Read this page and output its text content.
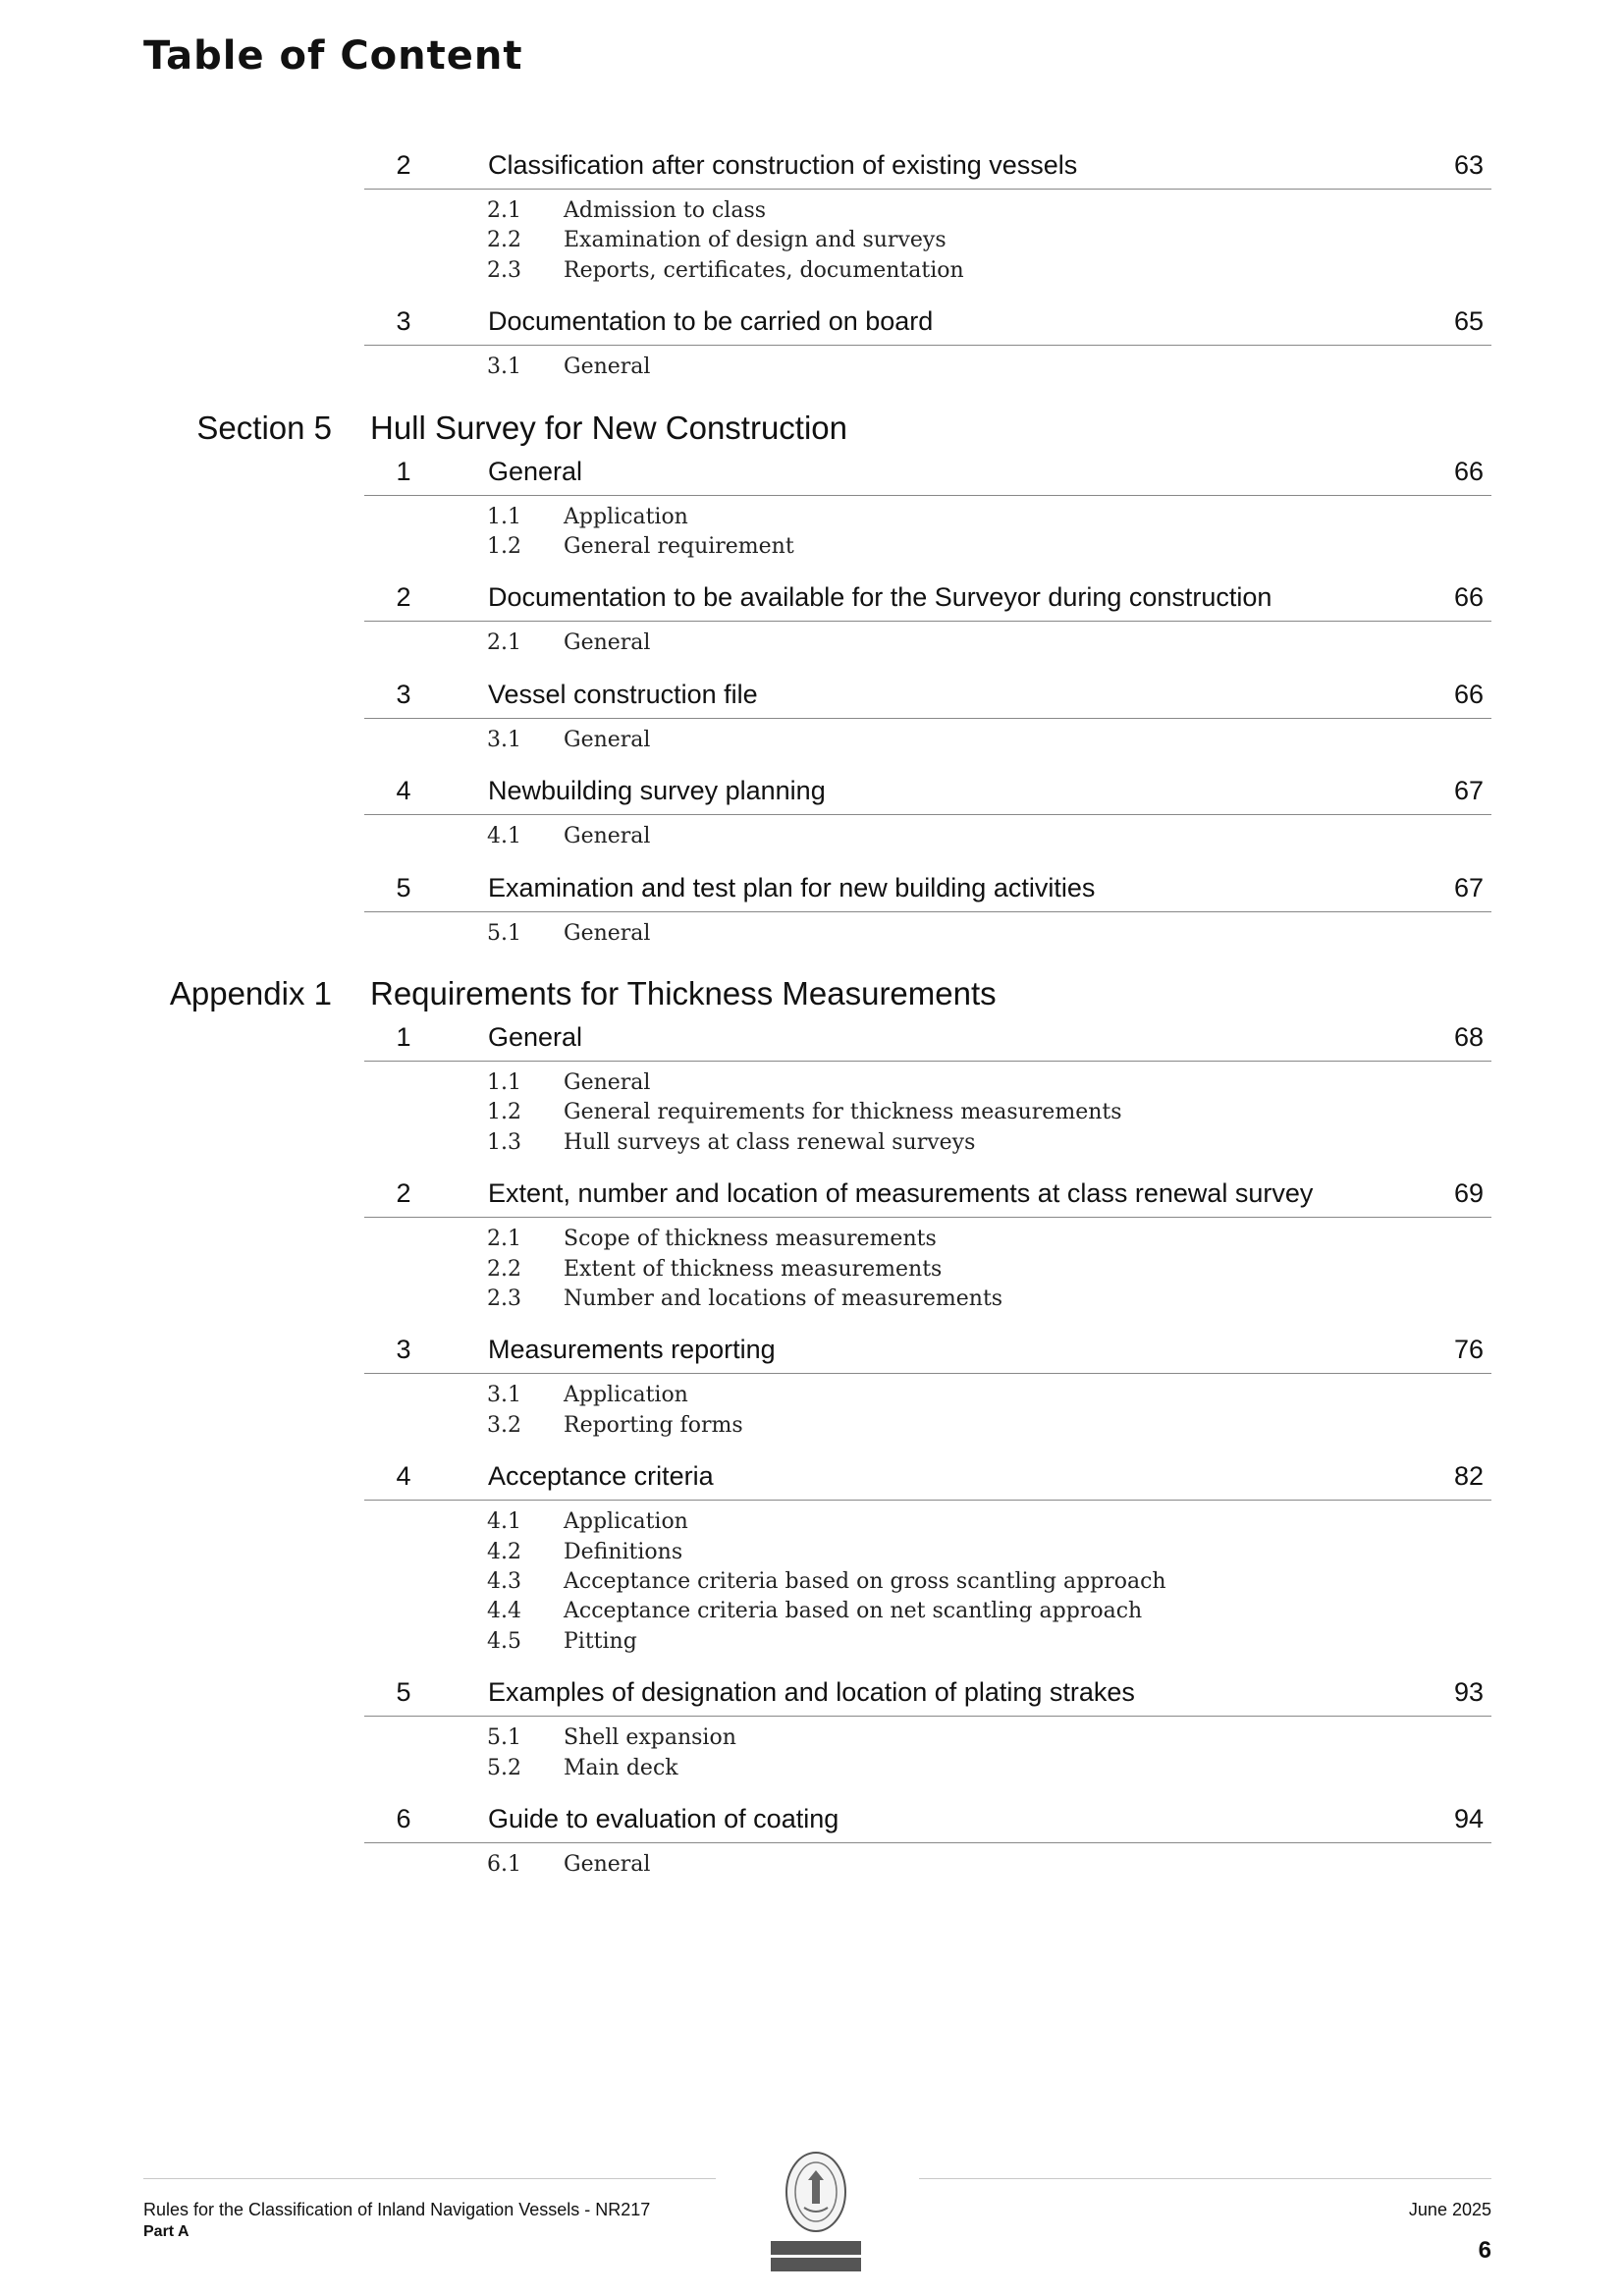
Table of Content
2	Classification after construction of existing vessels	63
2.1 Admission to class
2.2 Examination of design and surveys
2.3 Reports, certificates, documentation
3	Documentation to be carried on board	65
3.1 General
Section 5 Hull Survey for New Construction
1	General	66
1.1 Application
1.2 General requirement
2	Documentation to be available for the Surveyor during construction	66
2.1 General
3	Vessel construction file	66
3.1 General
4	Newbuilding survey planning	67
4.1 General
5	Examination and test plan for new building activities	67
5.1 General
Appendix 1 Requirements for Thickness Measurements
1	General	68
1.1 General
1.2 General requirements for thickness measurements
1.3 Hull surveys at class renewal surveys
2	Extent, number and location of measurements at class renewal survey	69
2.1 Scope of thickness measurements
2.2 Extent of thickness measurements
2.3 Number and locations of measurements
3	Measurements reporting	76
3.1 Application
3.2 Reporting forms
4	Acceptance criteria	82
4.1 Application
4.2 Definitions
4.3 Acceptance criteria based on gross scantling approach
4.4 Acceptance criteria based on net scantling approach
4.5 Pitting
5	Examples of designation and location of plating strakes	93
5.1 Shell expansion
5.2 Main deck
6	Guide to evaluation of coating	94
6.1 General
Rules for the Classification of Inland Navigation Vessels - NR217
Part A
June 2025
6
